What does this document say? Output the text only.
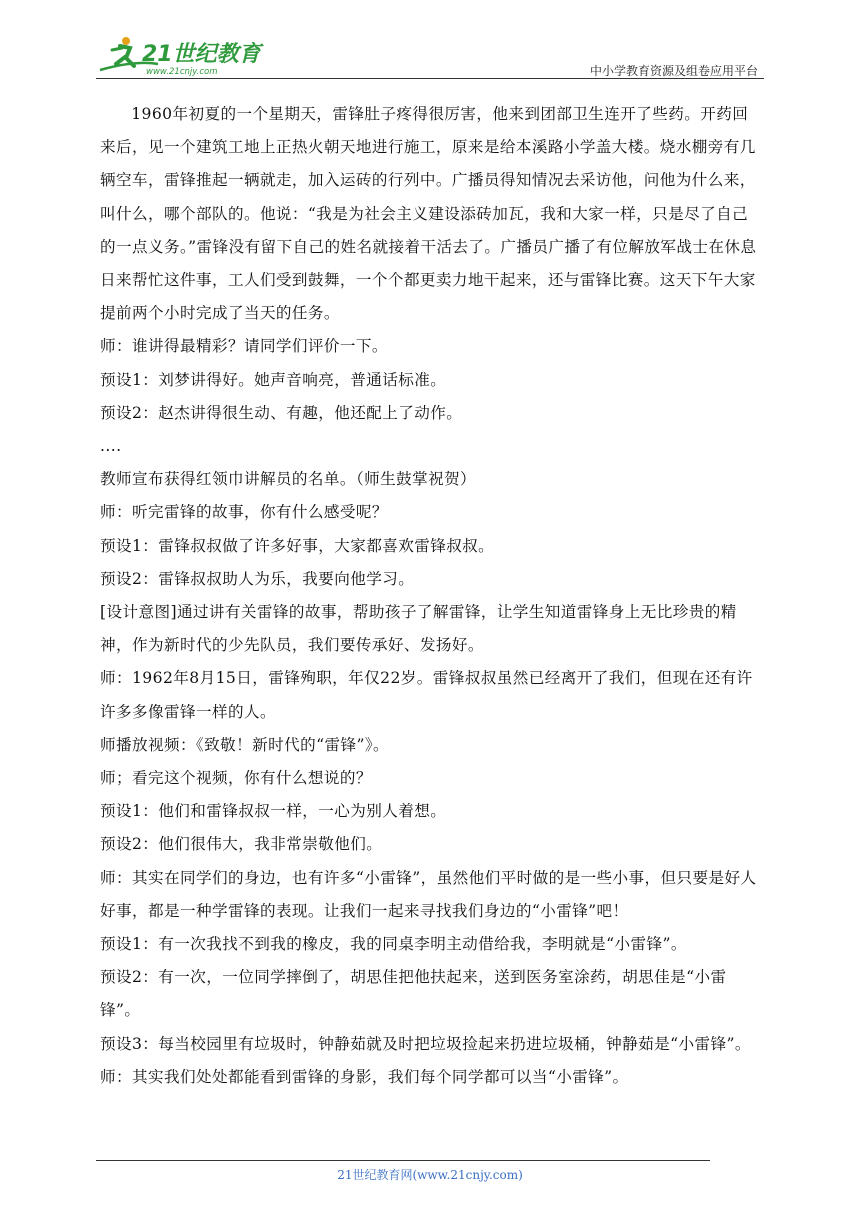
21世纪教育
www.21cnjy.com	中小学教育资源及组卷应用平台

1960年初夏的一个星期天，雷锋肚子疼得很厉害，他来到团部卫生连开了些药。开药回来后，见一个建筑工地上正热火朝天地进行施工，原来是给本溪路小学盖大楼。烧水棚旁有几辆空车，雷锋推起一辆就走，加入运砖的行列中。广播员得知情况去采访他，问他为什么来，叫什么，哪个部队的。他说：“我是为社会主义建设添砖加瓦，我和大家一样，只是尽了自己的一点义务。”雷锋没有留下自己的姓名就接着干活去了。广播员广播了有位解放军战士在休息日来帮忙这件事，工人们受到鼓舞，一个个都更卖力地干起来，还与雷锋比赛。这天下午大家提前两个小时完成了当天的任务。

师：谁讲得最精彩？请同学们评价一下。

预设1：刘梦讲得好。她声音响亮，普通话标准。

预设2：赵杰讲得很生动、有趣，他还配上了动作。

....

教师宣布获得红领巾讲解员的名单。（师生鼓掌祝贺）

师：听完雷锋的故事，你有什么感受呢？

预设1：雷锋叔叔做了许多好事，大家都喜欢雷锋叔叔。

预设2：雷锋叔叔助人为乐，我要向他学习。

[设计意图]通过讲有关雷锋的故事，帮助孩子了解雷锋，让学生知道雷锋身上无比珍贵的精神，作为新时代的少先队员，我们要传承好、发扬好。

师：1962年8月15日，雷锋殉职，年仅22岁。雷锋叔叔虽然已经离开了我们，但现在还有许许多多像雷锋一样的人。

师播放视频：《致敬！新时代的“雷锋”》。

师；看完这个视频，你有什么想说的？

预设1：他们和雷锋叔叔一样，一心为别人着想。

预设2：他们很伟大，我非常崇敬他们。

师：其实在同学们的身边，也有许多“小雷锋”，虽然他们平时做的是一些小事，但只要是好人好事，都是一种学雷锋的表现。让我们一起来寻找我们身边的“小雷锋”吧！

预设1：有一次我找不到我的橡皮，我的同桌李明主动借给我，李明就是“小雷锋”。

预设2：有一次，一位同学摔倒了，胡思佳把他扶起来，送到医务室涂药，胡思佳是“小雷锋”。

预设3：每当校园里有垃圾时，钟静茹就及时把垃圾捡起来扔进垃圾桶，钟静茹是“小雷锋”。

师：其实我们处处都能看到雷锋的身影，我们每个同学都可以当“小雷锋”。

21世纪教育网(www.21cnjy.com)
